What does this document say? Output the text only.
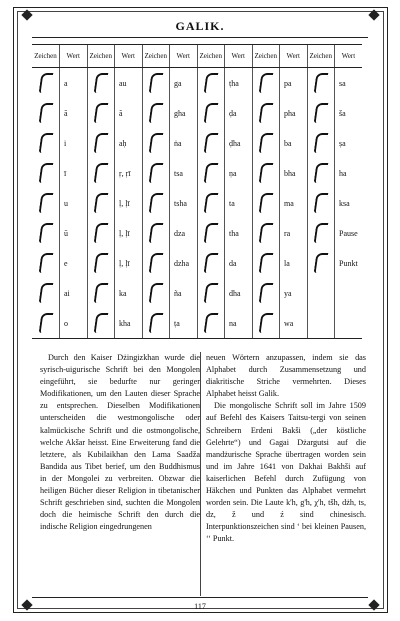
GALIK.
Zeichen	Wert	Zeichen	Wert	Zeichen	Wert	Zeichen	Wert	Zeichen	Wert	Zeichen	Wert
	a		au		ga		ṭha		pa		sa
	ā		ã		gha		ḍa		pha		ša
	i		aḥ		ṅa		ḍha		ba		ṣa
	ī		ṛ, ṛī		tsa		ṇa		bha		ha
	u		ḷ, ḷī		tsha		ta		ma		ksa
	ū		ḷ, ḷī		dza		tha		ra		Pause
	e		ḷ, ḷī		dzha		da		la		Punkt
	ai		ka		ña		dha		ya		
	o		kha		ṭa		na		wa		
Durch den Kaiser Dżingizkhan wurde die syrisch-uigurische Schrift bei den Mongolen eingeführt, sie bedurfte nur geringer Modifikationen, um den Lauten dieser Sprache zu entsprechen. Dieselben Modifikationen unterscheiden die westmongolische oder kalmückische Schrift und die ostmongolische, welche Akšar heisst. Eine Erweiterung fand die letztere, als Kubilaikhan den Lama Saadža Bandida aus Tibet berief, um den Buddhismus in der Mongolei zu verbreiten. Obzwar die heiligen Bücher dieser Religion in tibetanischer Schrift geschrieben sind, suchten die Mongolen doch die heimische Schrift den durch die indische Religion eingedrungenen

neuen Wörtern anzupassen, indem sie das Alphabet durch Zusammensetzung und diakritische Striche vermehrten. Dieses Alphabet heisst Galik.

Die mongolische Schrift soll im Jahre 1509 auf Befehl des Kaisers Taitsu-tergi von seinen Schreibern Erdeni Bakši („der köstliche Gelehrte“) und Gagai Dżargutsi auf die mandżurische Sprache übertragen worden sein und im Jahre 1641 von Dakhai Bakhši auf kaiserlichen Befehl durch Zufügung von Häkchen und Punkten das Alphabet vermehrt worden sein. Die Laute k'h, g'h, χ'h, tšh, dżh, ts, dz, ž und ź sind chinesisch. Interpunktionszeichen sind ‘ bei kleinen Pausen, ‘‘ Punkt.

117
